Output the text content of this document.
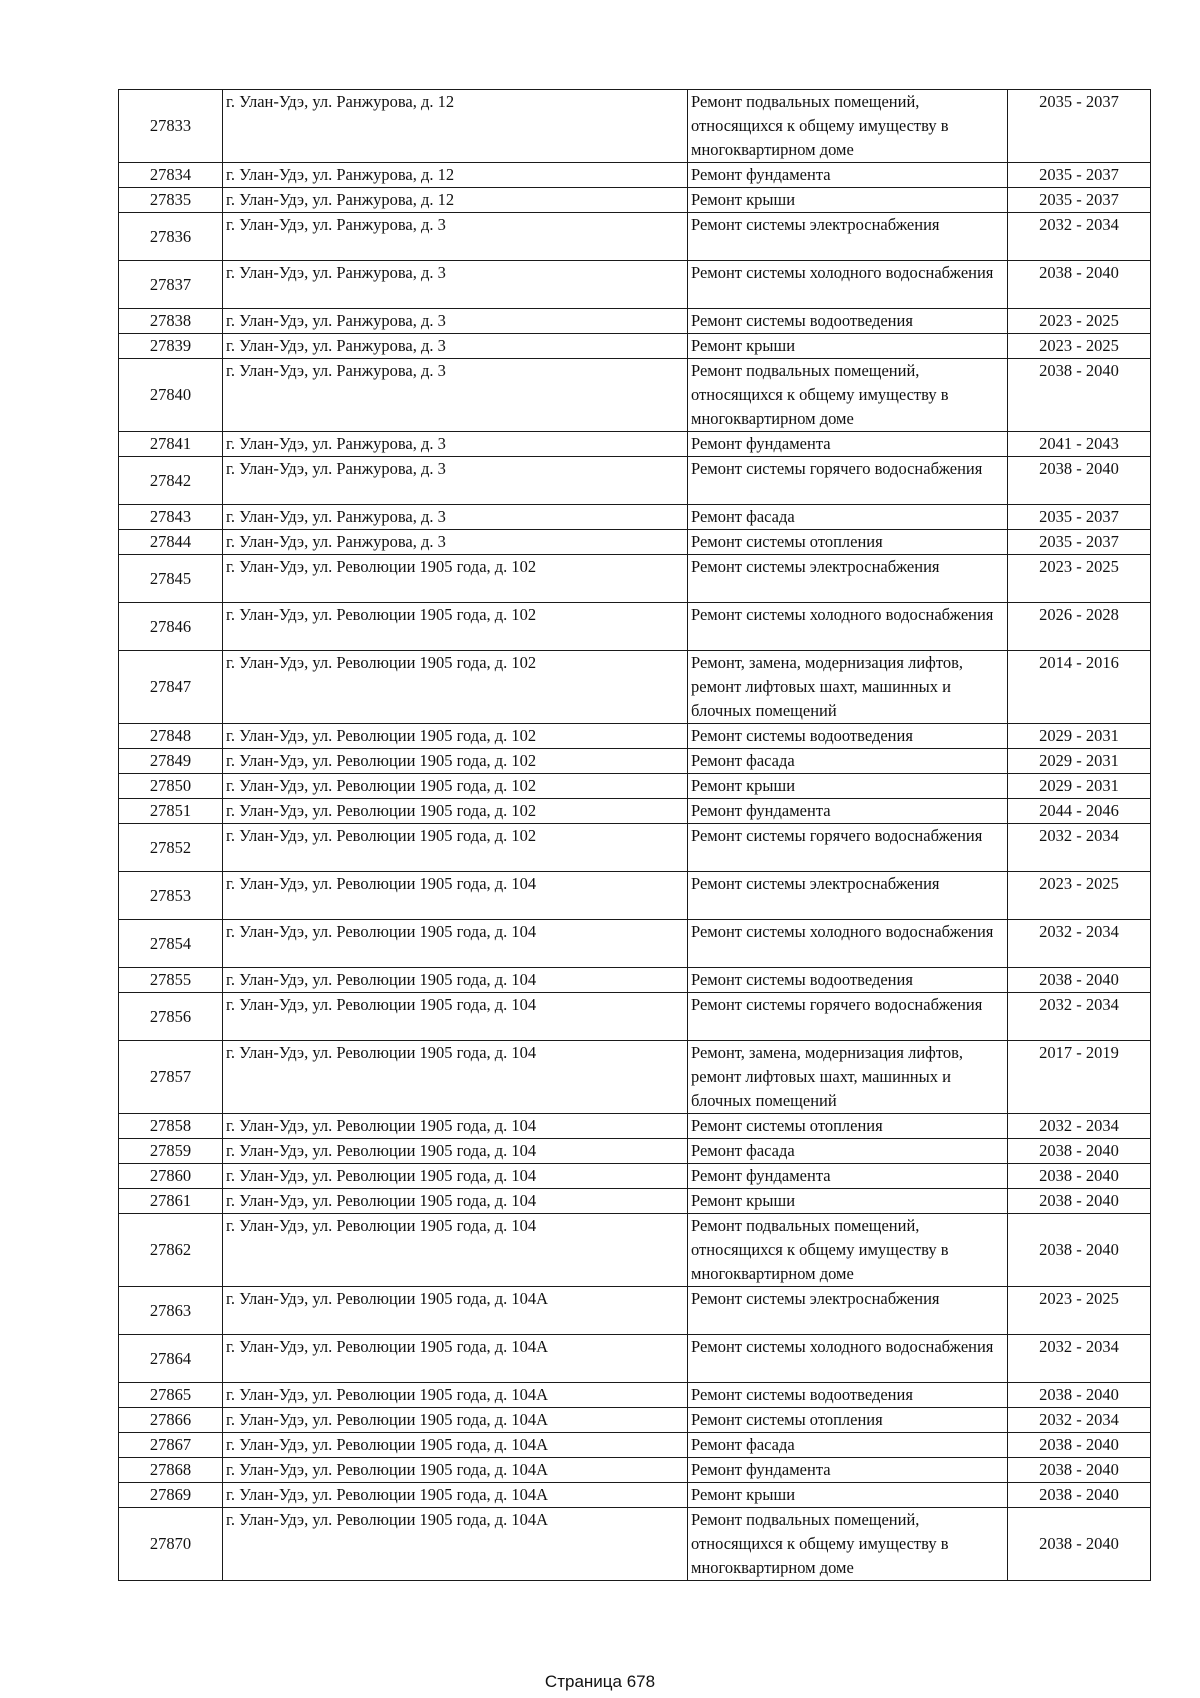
27833	г. Улан-Удэ, ул. Ранжурова, д. 12	Ремонт подвальных помещений, относящихся к общему имуществу в многоквартирном доме	2035 - 2037
27834	г. Улан-Удэ, ул. Ранжурова, д. 12	Ремонт фундамента	2035 - 2037
27835	г. Улан-Удэ, ул. Ранжурова, д. 12	Ремонт крыши	2035 - 2037
27836	г. Улан-Удэ, ул. Ранжурова, д. 3	Ремонт системы электроснабжения	2032 - 2034
27837	г. Улан-Удэ, ул. Ранжурова, д. 3	Ремонт системы холодного водоснабжения	2038 - 2040
27838	г. Улан-Удэ, ул. Ранжурова, д. 3	Ремонт системы водоотведения	2023 - 2025
27839	г. Улан-Удэ, ул. Ранжурова, д. 3	Ремонт крыши	2023 - 2025
27840	г. Улан-Удэ, ул. Ранжурова, д. 3	Ремонт подвальных помещений, относящихся к общему имуществу в многоквартирном доме	2038 - 2040
27841	г. Улан-Удэ, ул. Ранжурова, д. 3	Ремонт фундамента	2041 - 2043
27842	г. Улан-Удэ, ул. Ранжурова, д. 3	Ремонт системы горячего водоснабжения	2038 - 2040
27843	г. Улан-Удэ, ул. Ранжурова, д. 3	Ремонт фасада	2035 - 2037
27844	г. Улан-Удэ, ул. Ранжурова, д. 3	Ремонт системы отопления	2035 - 2037
27845	г. Улан-Удэ, ул. Революции 1905 года, д. 102	Ремонт системы электроснабжения	2023 - 2025
27846	г. Улан-Удэ, ул. Революции 1905 года, д. 102	Ремонт системы холодного водоснабжения	2026 - 2028
27847	г. Улан-Удэ, ул. Революции 1905 года, д. 102	Ремонт, замена, модернизация лифтов, ремонт лифтовых шахт, машинных и блочных помещений	2014 - 2016
27848	г. Улан-Удэ, ул. Революции 1905 года, д. 102	Ремонт системы водоотведения	2029 - 2031
27849	г. Улан-Удэ, ул. Революции 1905 года, д. 102	Ремонт фасада	2029 - 2031
27850	г. Улан-Удэ, ул. Революции 1905 года, д. 102	Ремонт крыши	2029 - 2031
27851	г. Улан-Удэ, ул. Революции 1905 года, д. 102	Ремонт фундамента	2044 - 2046
27852	г. Улан-Удэ, ул. Революции 1905 года, д. 102	Ремонт системы горячего водоснабжения	2032 - 2034
27853	г. Улан-Удэ, ул. Революции 1905 года, д. 104	Ремонт системы электроснабжения	2023 - 2025
27854	г. Улан-Удэ, ул. Революции 1905 года, д. 104	Ремонт системы холодного водоснабжения	2032 - 2034
27855	г. Улан-Удэ, ул. Революции 1905 года, д. 104	Ремонт системы водоотведения	2038 - 2040
27856	г. Улан-Удэ, ул. Революции 1905 года, д. 104	Ремонт системы горячего водоснабжения	2032 - 2034
27857	г. Улан-Удэ, ул. Революции 1905 года, д. 104	Ремонт, замена, модернизация лифтов, ремонт лифтовых шахт, машинных и блочных помещений	2017 - 2019
27858	г. Улан-Удэ, ул. Революции 1905 года, д. 104	Ремонт системы отопления	2032 - 2034
27859	г. Улан-Удэ, ул. Революции 1905 года, д. 104	Ремонт фасада	2038 - 2040
27860	г. Улан-Удэ, ул. Революции 1905 года, д. 104	Ремонт фундамента	2038 - 2040
27861	г. Улан-Удэ, ул. Революции 1905 года, д. 104	Ремонт крыши	2038 - 2040
27862	г. Улан-Удэ, ул. Революции 1905 года, д. 104	Ремонт подвальных помещений, относящихся к общему имуществу в многоквартирном доме	2038 - 2040
27863	г. Улан-Удэ, ул. Революции 1905 года, д. 104А	Ремонт системы электроснабжения	2023 - 2025
27864	г. Улан-Удэ, ул. Революции 1905 года, д. 104А	Ремонт системы холодного водоснабжения	2032 - 2034
27865	г. Улан-Удэ, ул. Революции 1905 года, д. 104А	Ремонт системы водоотведения	2038 - 2040
27866	г. Улан-Удэ, ул. Революции 1905 года, д. 104А	Ремонт системы отопления	2032 - 2034
27867	г. Улан-Удэ, ул. Революции 1905 года, д. 104А	Ремонт фасада	2038 - 2040
27868	г. Улан-Удэ, ул. Революции 1905 года, д. 104А	Ремонт фундамента	2038 - 2040
27869	г. Улан-Удэ, ул. Революции 1905 года, д. 104А	Ремонт крыши	2038 - 2040
27870	г. Улан-Удэ, ул. Революции 1905 года, д. 104А	Ремонт подвальных помещений, относящихся к общему имуществу в многоквартирном доме	2038 - 2040
Страница 678
